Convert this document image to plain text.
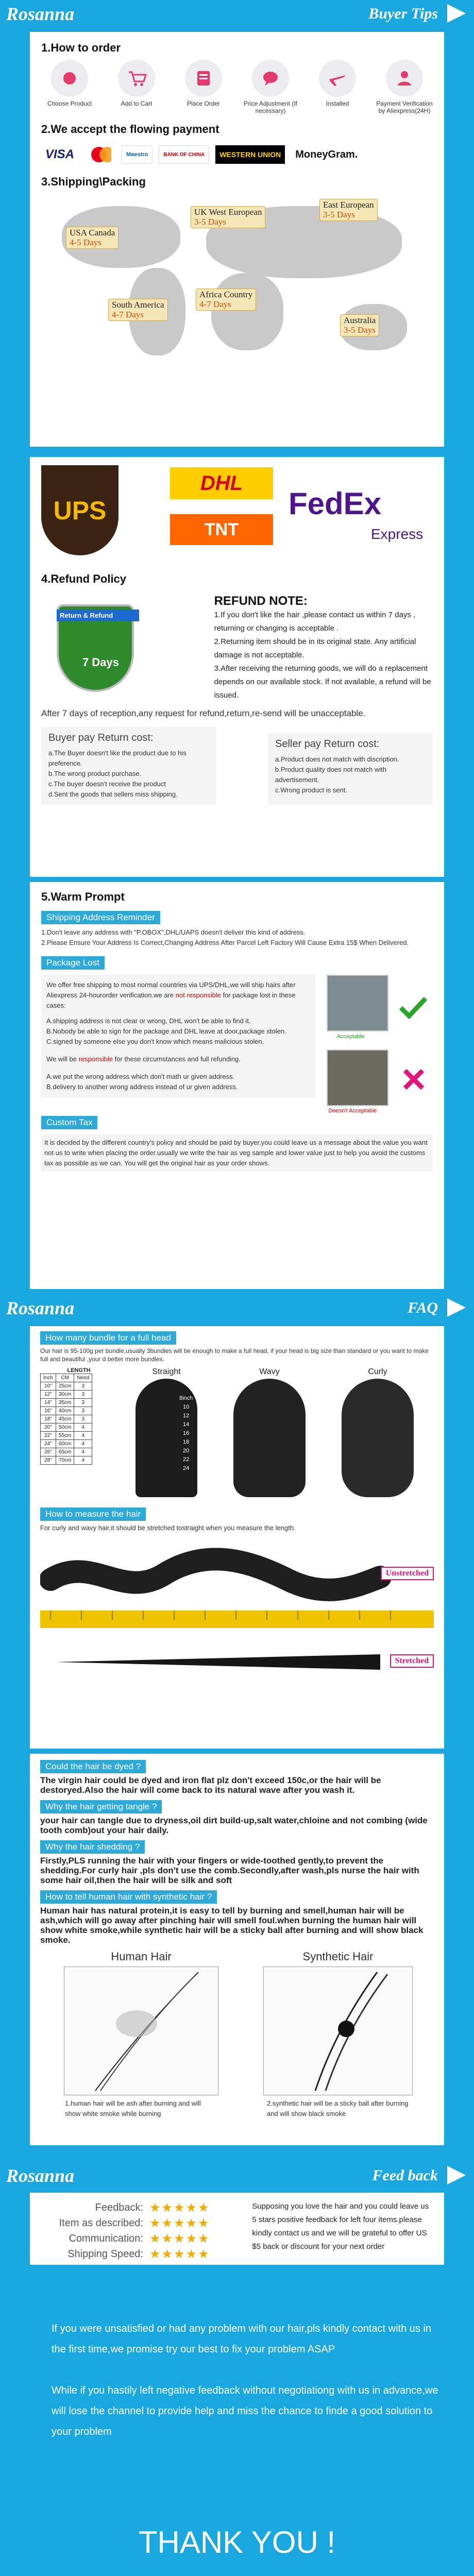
Rosanna	Buyer Tips
1.How to order
Choose Product	Add to Cart	Place Order	Price Adjustment (If necessary)
Installed	Payment Verification by Aliexpress(24H)
2.We accept the flowing payment
VISA	Maestro	BANK OF CHINA	WESTERN UNION	MoneyGram.
3.Shipping\Packing
USA Canada
4-5 Days
UK West European
3-5 Days
East European
3-5 Days
South America
4-7 Days
Africa Country
4-7 Days
Australia
3-5 Days
UPS
DHL
TNT
FedEx
Express
4.Refund Policy
Return & Refund
7 Days
REFUND NOTE:

1.If you don't like the hair ,please contact us within 7 days , returning or changing is acceptable .

2.Returning item should be in its original state. Any artificial damage is not acceptable.

3.After receiving the returning goods, we will do a replacement depends on our available stock. If not available, a refund will be issued.

After 7 days of reception,any request for refund,return,re-send will be unacceptable.

Buyer pay Return cost:

a.The Buyer doesn't like the product due to his preference.

b.The wrong product purchase.

c.The buyer doesn't receive the product

d.Sent the goods that sellers miss shipping.

Seller pay Return cost:

a.Product does not match with discription.

b.Product quality does not match with advertisement.

c.Wrong product is sent.

5.Warm Prompt
Shipping Address Reminder

1.Don't leave any address with "P.OBOX",DHL/UAPS doesn't deliver this kind of address.

2.Please Ensure Your Address Is Correct,Changing Address After Parcel Left Factory Will Cause Extra 15$ When Delivered.

Package Lost

We offer free shipping to most normal countries via UPS/DHL,we will ship hairs after Aliexpress 24-hourorder verification.we are not responsible for package lost in these cases:

A.shipping address is not clear or wrong, DHL won't be able to find it.

B.Nobody be able to sign for the package and DHL leave at door,package stolen.

C.signed by someone else you don't know which means malicious stolen.

We will be responsible for these circumstances and full refunding.

A.we put the wrong address which don't math ur given address.

B.delivery to another wrong address instead of ur given address.

Acceptable
Doesn't Acceptable
Custom Tax

It is decided by the different country's policy and should be paid by buyer.you could leave us a message about the value you want not us to write when placing the order.usually we write the hair as veg sample and lower value just to help you avoid the customs tax as possible as we can. You will get the original hair as your order shows.

Rosanna	FAQ
How many bundle for a full head

Our hair is 95-100g per bundle,usually 3bundles will be enough to make a full head, if your head is big size than standard or you want to make full and beautiful ,your d better more bundles.

LENGTH
Inch	CM	Need
10"	25cm	3
12"	30cm	3
14"	35cm	3
16"	40cm	3
18"	45cm	3
20"	50cm	4
22"	55cm	4
24"	60cm	4
26"	65cm	4
28"	70cm	4
Straight	Wavy	Curly
8inch
10
12
14
16
18
20
22
24
How to measure the hair

For curly and wavy hair,it should be stretched tostraight when you measure the length.

Unstretched
Stretched
Could the hair be dyed ?

The virgin hair could be dyed and iron flat plz don't exceed 150c,or the hair will be destoryed.Also the hair will come back to its natural wave after you wash it.

Why the hair getting tangle ?

your hair can tangle due to dryness,oil dirt build-up,salt water,chloine and not combing (wide tooth comb)out your hair daily.

Why the hair shedding ?

Firstly,PLS running the hair with your fingers or wide-toothed gently,to prevent the shedding.For curly hair ,pls don't use the comb.Secondly,after wash,pls nurse the hair with some hair oil,then the hair will be silk and soft

How to tell human hair with synthetic hair ?

Human hair has natural protein,it is easy to tell by burning and smell,human hair will be ash,which will go away after pinching hair will smell foul.when burning the human hair will show white smoke,while synthetic hair will be a sticky ball after burning and will show black smoke.

Human Hair

1.human hair will be ash after burning and will show white smoke while burning

Synthetic Hair

2.synthetic hair will be a sticky ball after burning and will show black smoke

Rosanna	Feed back
Feedback: ★★★★★
Item as described: ★★★★★
Communication: ★★★★★
Shipping Speed: ★★★★★

Supposing you love the hair and you could leave us 5 stars positive feedback for left four items.please kindly contact us and we will be grateful to offer US $5 back or discount for your next order

If you were unsatisfied or had any problem with our hair,pls kindly contact with us in the first time,we promise try our best to fix your problem ASAP

While if you hastily left negative feedback without negotiationg with us in advance,we will lose the channel to provide help and miss the chance to finde a good solution to your problem

THANK YOU !
